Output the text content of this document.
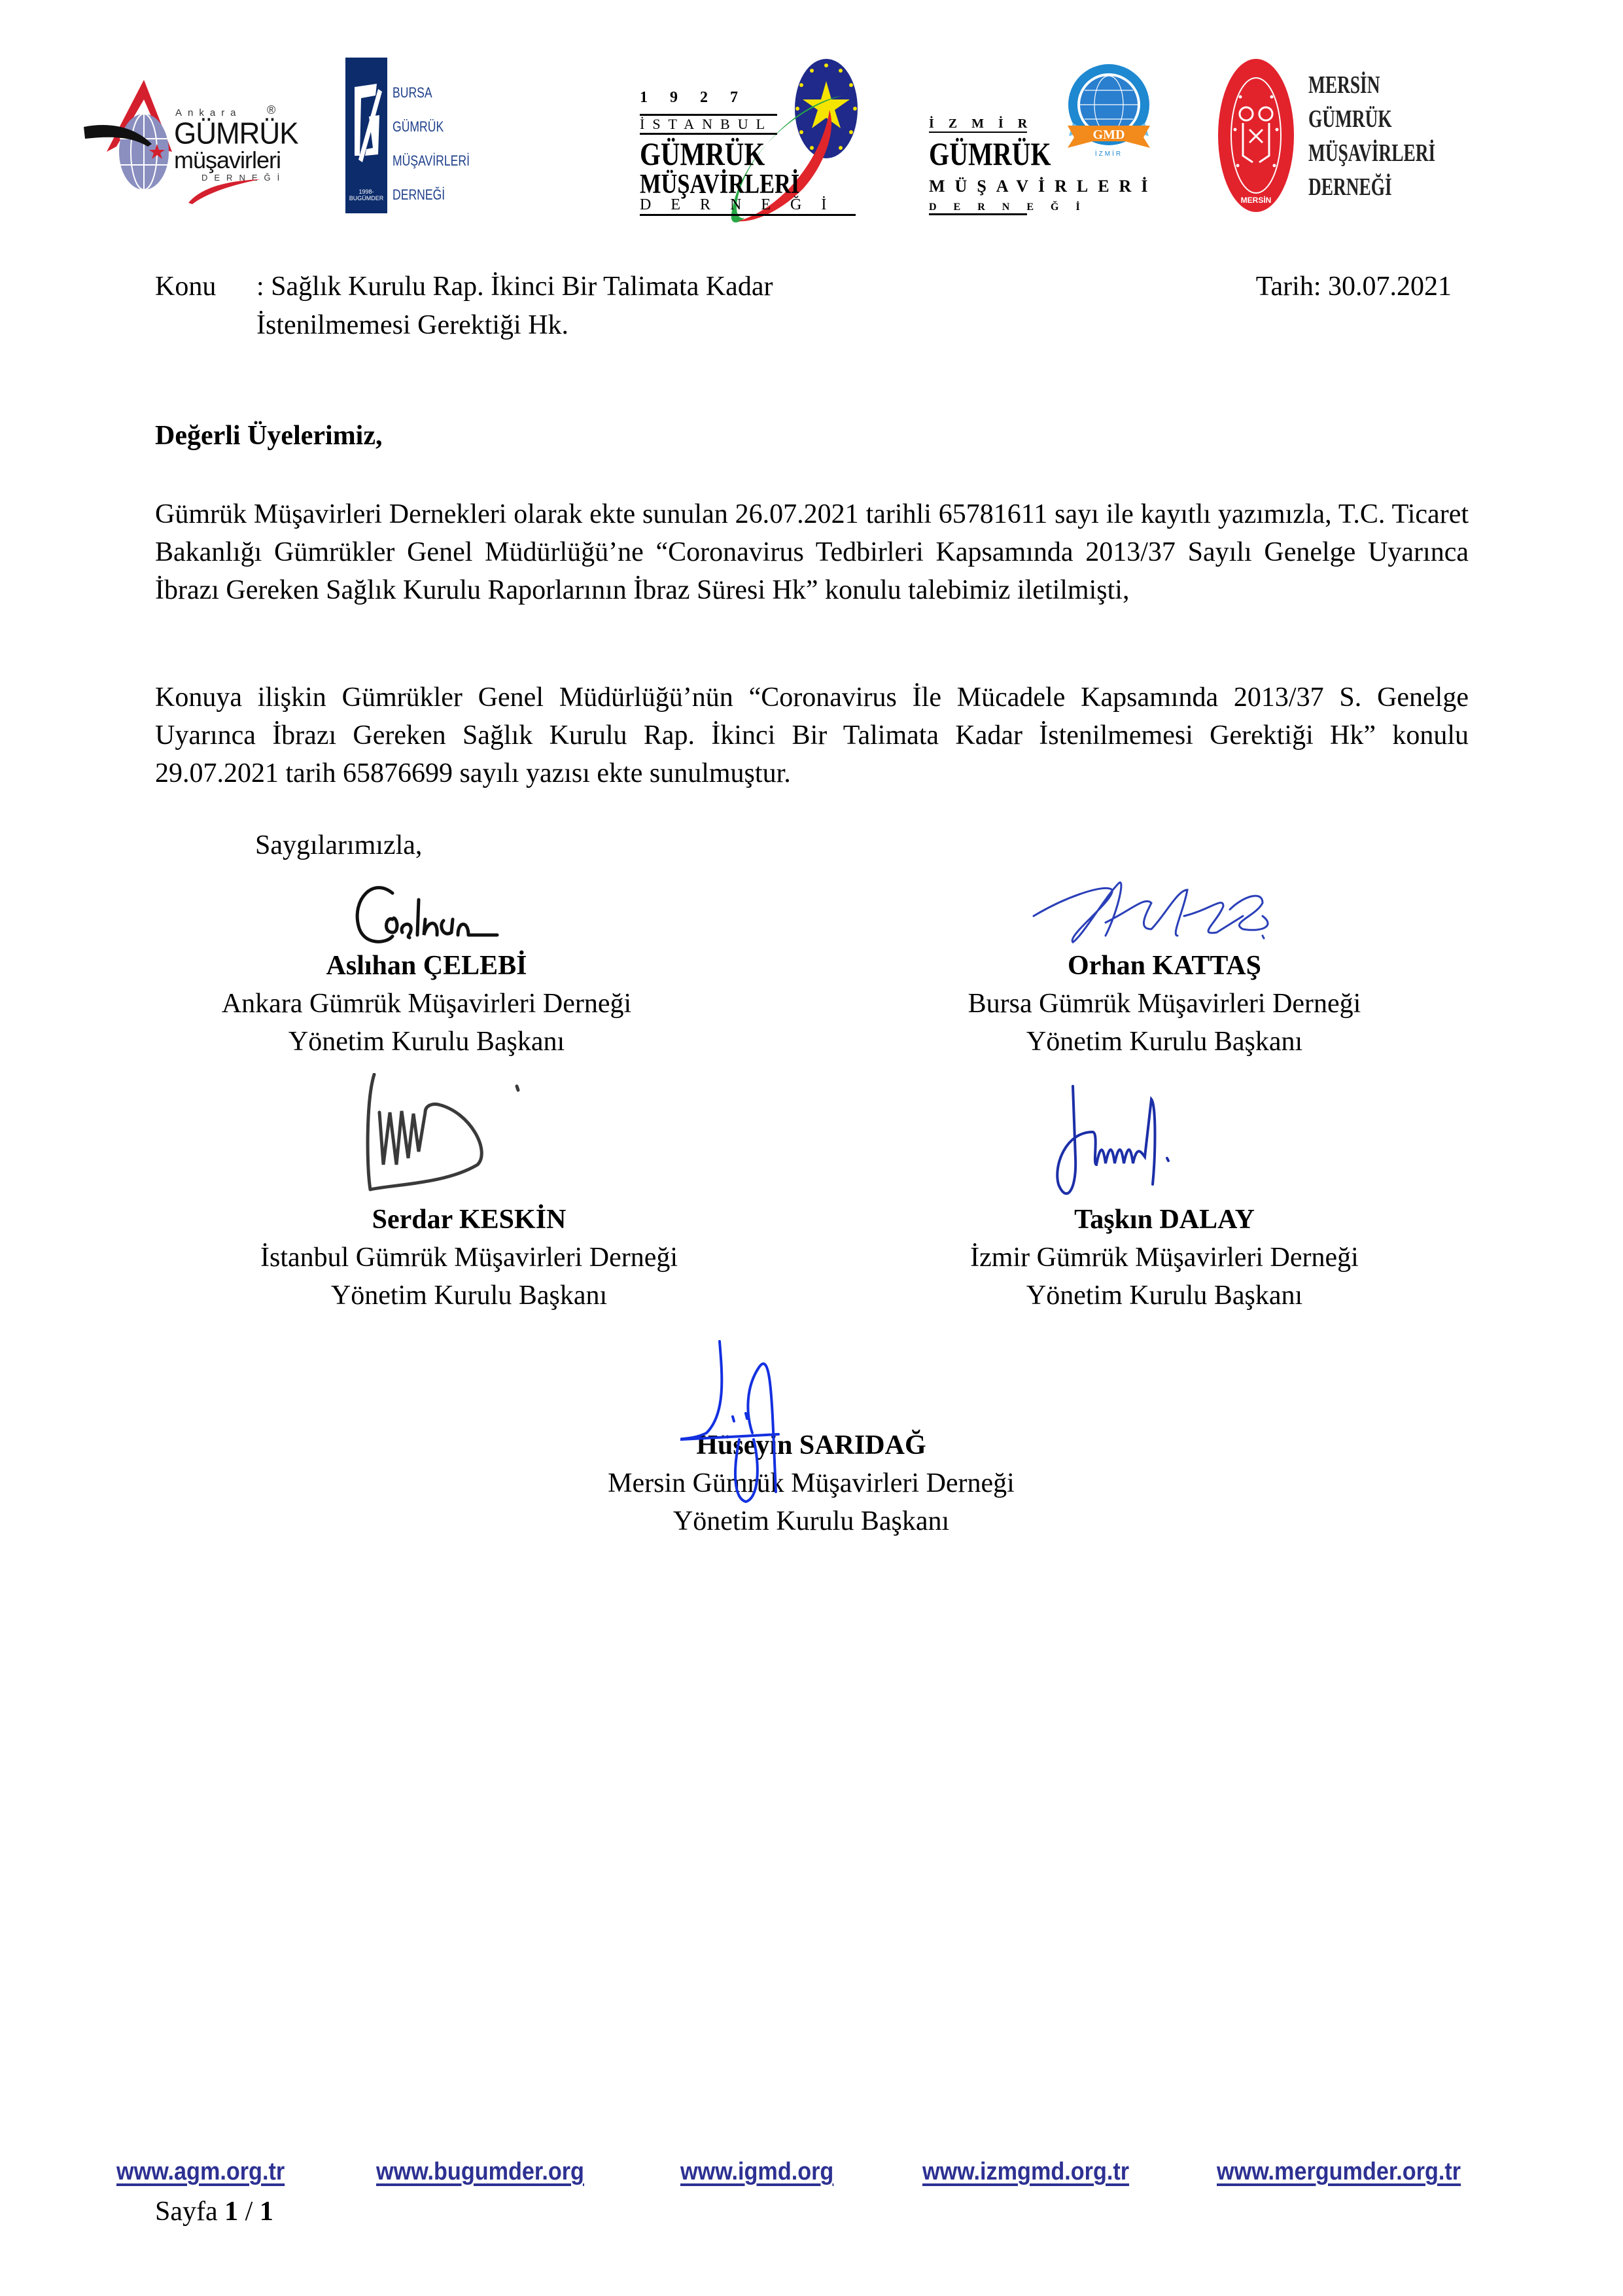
Ankara ®
GÜMRÜK
müşavirleri
DERNEĞİ
1998-BUGÜMDER
BURSA
GÜMRÜK
MÜŞAVİRLERİ
DERNEĞİ
1927
İSTANBUL
GÜMRÜK
MÜŞAVİRLERİ
DERNEĞİ
İZMİR
GÜMRÜK
MÜŞAVİRLERİ
DERNEĞİ
GMD
İZMİR
MERSİN
MERSİN
GÜMRÜK
MÜŞAVİRLERİ
DERNEĞİ
Konu : Sağlık Kurulu Rap. İkinci Bir Talimata Kadar
İstenilmemesi Gerektiği Hk.
Tarih: 30.07.2021
Değerli Üyelerimiz,
Gümrük Müşavirleri Dernekleri olarak ekte sunulan 26.07.2021 tarihli 65781611 sayı ile kayıtlı yazımızla, T.C. Ticaret Bakanlığı Gümrükler Genel Müdürlüğü’ne “Coronavirus Tedbirleri Kapsamında 2013/37 Sayılı Genelge Uyarınca İbrazı Gereken Sağlık Kurulu Raporlarının İbraz Süresi Hk” konulu talebimiz iletilmişti,
Konuya ilişkin Gümrükler Genel Müdürlüğü’nün “Coronavirus İle Mücadele Kapsamında 2013/37 S. Genelge Uyarınca İbrazı Gereken Sağlık Kurulu Rap. İkinci Bir Talimata Kadar İstenilmemesi Gerektiği Hk” konulu 29.07.2021 tarih 65876699 sayılı yazısı ekte sunulmuştur.
Saygılarımızla,
Aslıhan ÇELEBİ
Ankara Gümrük Müşavirleri Derneği
Yönetim Kurulu Başkanı
Orhan KATTAŞ
Bursa Gümrük Müşavirleri Derneği
Yönetim Kurulu Başkanı
Serdar KESKİN
İstanbul Gümrük Müşavirleri Derneği
Yönetim Kurulu Başkanı
Taşkın DALAY
İzmir Gümrük Müşavirleri Derneği
Yönetim Kurulu Başkanı
Hüseyin SARIDAĞ
Mersin Gümrük Müşavirleri Derneği
Yönetim Kurulu Başkanı
www.agm.org.tr	www.bugumder.org	www.igmd.org	www.izmgmd.org.tr	www.mergumder.org.tr
Sayfa 1 / 1
